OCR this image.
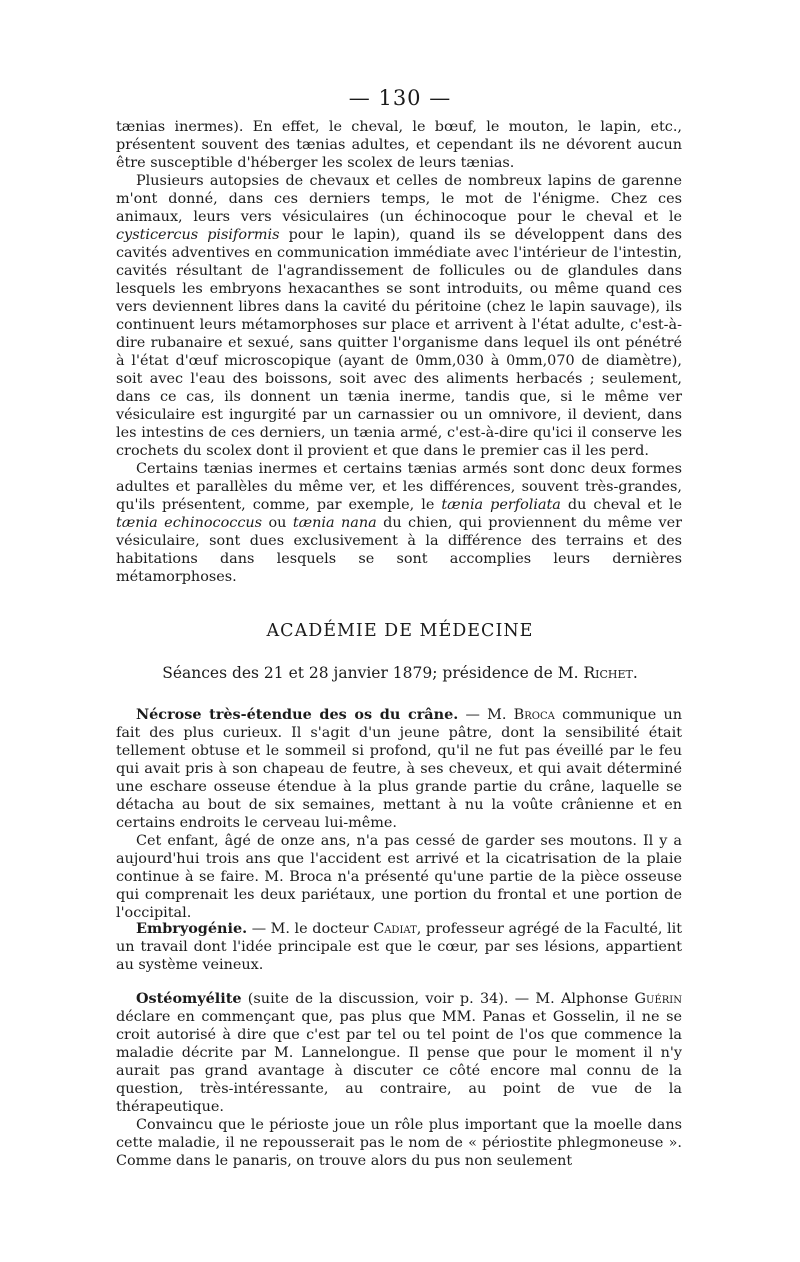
— 130 —

tænias inermes). En effet, le cheval, le bœuf, le mouton, le lapin, etc., présentent souvent des tænias adultes, et cependant ils ne dévorent aucun être susceptible d'héberger les scolex de leurs tænias.

Plusieurs autopsies de chevaux et celles de nombreux lapins de garenne m'ont donné, dans ces derniers temps, le mot de l'énigme. Chez ces animaux, leurs vers vésiculaires (un échinocoque pour le cheval et le cysticercus pisiformis pour le lapin), quand ils se développent dans des cavités adventives en communication immédiate avec l'intérieur de l'intestin, cavités résultant de l'agrandissement de follicules ou de glandules dans lesquels les embryons hexacanthes se sont introduits, ou même quand ces vers deviennent libres dans la cavité du péritoine (chez le lapin sauvage), ils continuent leurs métamorphoses sur place et arrivent à l'état adulte, c'est-à-dire rubanaire et sexué, sans quitter l'organisme dans lequel ils ont pénétré à l'état d'œuf microscopique (ayant de 0mm,030 à 0mm,070 de diamètre), soit avec l'eau des boissons, soit avec des aliments herbacés ; seulement, dans ce cas, ils donnent un tænia inerme, tandis que, si le même ver vésiculaire est ingurgité par un carnassier ou un omnivore, il devient, dans les intestins de ces derniers, un tænia armé, c'est-à-dire qu'ici il conserve les crochets du scolex dont il provient et que dans le premier cas il les perd.

Certains tænias inermes et certains tænias armés sont donc deux formes adultes et parallèles du même ver, et les différences, souvent très-grandes, qu'ils présentent, comme, par exemple, le tænia perfoliata du cheval et le tænia echinococcus ou tænia nana du chien, qui proviennent du même ver vésiculaire, sont dues exclusivement à la différence des terrains et des habitations dans lesquels se sont accomplies leurs dernières métamorphoses.

ACADÉMIE DE MÉDECINE
Séances des 21 et 28 janvier 1879; présidence de M. Richet.

Nécrose très-étendue des os du crâne. — M. Broca communique un fait des plus curieux. Il s'agit d'un jeune pâtre, dont la sensibilité était tellement obtuse et le sommeil si profond, qu'il ne fut pas éveillé par le feu qui avait pris à son chapeau de feutre, à ses cheveux, et qui avait déterminé une eschare osseuse étendue à la plus grande partie du crâne, laquelle se détacha au bout de six semaines, mettant à nu la voûte crânienne et en certains endroits le cerveau lui-même.

Cet enfant, âgé de onze ans, n'a pas cessé de garder ses moutons. Il y a aujourd'hui trois ans que l'accident est arrivé et la cicatrisation de la plaie continue à se faire. M. Broca n'a présenté qu'une partie de la pièce osseuse qui comprenait les deux pariétaux, une portion du frontal et une portion de l'occipital.

Embryogénie. — M. le docteur Cadiat, professeur agrégé de la Faculté, lit un travail dont l'idée principale est que le cœur, par ses lésions, appartient au système veineux.

Ostéomyélite (suite de la discussion, voir p. 34). — M. Alphonse Guérin déclare en commençant que, pas plus que MM. Panas et Gosselin, il ne se croit autorisé à dire que c'est par tel ou tel point de l'os que commence la maladie décrite par M. Lannelongue. Il pense que pour le moment il n'y aurait pas grand avantage à discuter ce côté encore mal connu de la question, très-intéressante, au contraire, au point de vue de la thérapeutique.

Convaincu que le périoste joue un rôle plus important que la moelle dans cette maladie, il ne repousserait pas le nom de « périostite phlegmoneuse ». Comme dans le panaris, on trouve alors du pus non seulement
